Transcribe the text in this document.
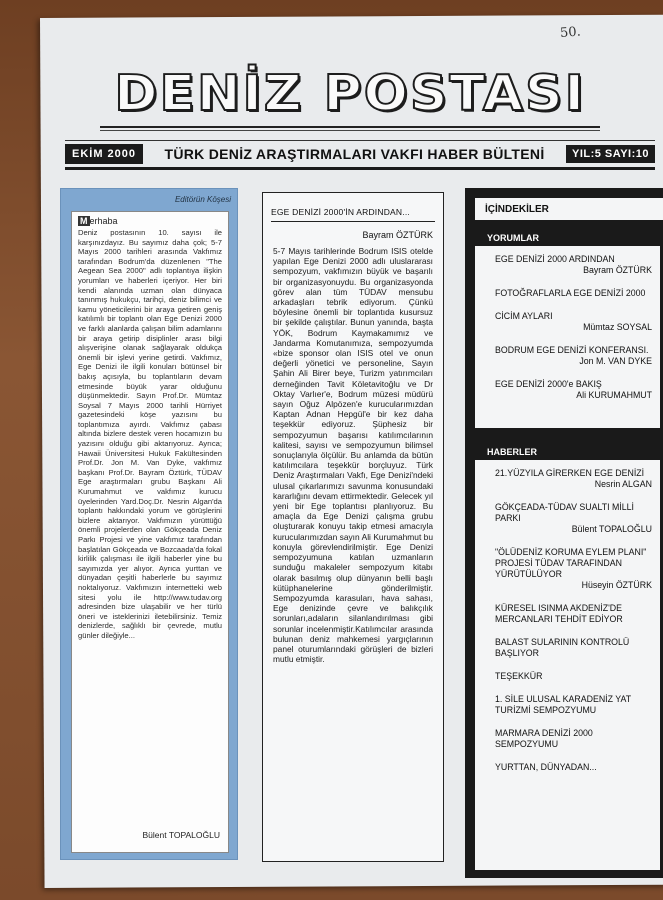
50.
DENİZ POSTASI
EKİM 2000	TÜRK DENİZ ARAŞTIRMALARI VAKFI HABER BÜLTENİ	YIL:5 SAYI:10
Editörün Köşesi
M erhaba
Deniz postasının 10. sayısı ile karşınızdayız. Bu sayımız daha çok; 5-7 Mayıs 2000 tarihleri arasında Vakfımız tarafından Bodrum'da düzenlenen "The Aegean Sea 2000" adlı toplantıya ilişkin yorumları ve haberleri içeriyor. Her biri kendi alanında uzman olan dünyaca tanınmış hukukçu, tarihçi, deniz bilimci ve kamu yöneticilerini bir araya getiren geniş katılımlı bir toplantı olan Ege Denizi 2000 ve farklı alanlarda çalışan bilim adamlarını bir araya getirip disiplinler arası bilgi alışverişine olanak sağlayarak oldukça önemli bir işlevi yerine getirdi. Vakfımız, Ege Denizi ile ilgili konuları bütünsel bir bakış açısıyla, bu toplantıların devam etmesinde büyük yarar olduğunu düşünmektedir. Sayın Prof.Dr. Mümtaz Soysal 7 Mayıs 2000 tarihli Hürriyet gazetesindeki köşe yazısını bu toplantımıza ayırdı. Vakfımız çabası altında bizlere destek veren hocamızın bu yazısını olduğu gibi aktarıyoruz. Ayrıca; Hawaii Üniversitesi Hukuk Fakültesinden Prof.Dr. Jon M. Van Dyke, vakfımız başkanı Prof.Dr. Bayram Öztürk, TÜDAV Ege araştırmaları grubu Başkanı Ali Kurumahmut ve vakfımız kurucu üyelerinden Yard.Doç.Dr. Nesrin Algan'da toplantı hakkındaki yorum ve görüşlerini bizlere aktarıyor. Vakfımızın yürüttüğü önemli projelerden olan Gökçeada Deniz Parkı Projesi ve yine vakfımız tarafından başlatılan Gökçeada ve Bozcaada'da fokal kirlilik çalışması ile ilgili haberler yine bu sayımızda yer alıyor. Ayrıca yurttan ve dünyadan çeşitli haberlerle bu sayımız noktalıyoruz. Vakfımızın internetteki web sitesi yolu ile http://www.tudav.org adresinden bize ulaşabilir ve her türlü öneri ve isteklerinizi iletebilirsiniz. Temiz denizlerde, sağlıklı bir çevrede, mutlu günler dileğiyle...
Bülent TOPALOĞLU
EGE DENİZİ 2000'İN ARDINDAN...
Bayram ÖZTÜRK
5-7 Mayıs tarihlerinde Bodrum ISIS otelde yapılan Ege Denizi 2000 adlı uluslararası sempozyum, vakfımızın büyük ve başarılı bir organizasyonuydu. Bu organizasyonda görev alan tüm TÜDAV mensubu arkadaşları tebrik ediyorum. Çünkü böylesine önemli bir toplantıda kusursuz bir şekilde çalıştılar. Bunun yanında, başta YÖK, Bodrum Kaymakamımız ve Jandarma Komutanımıza, sempozyumda «bize sponsor olan ISIS otel ve onun değerli yönetici ve personeline, Sayın Şahin Ali Birer beye, Turizm yatırımcıları derneğinden Tavit Köletavitoğlu ve Dr Oktay Varlıer'e, Bodrum müzesi müdürü sayın Oğuz Alpözen'e kurucularımızdan Kaptan Adnan Hepgül'e bir kez daha teşekkür ediyoruz. Şüphesiz bir sempozyumun başarısı katılımcılarının kalitesi, sayısı ve sempozyumun bilimsel sonuçlarıyla ölçülür. Bu anlamda da bütün katılımcılara teşekkür borçluyuz. Türk Deniz Araştırmaları Vakfı, Ege Denizi'ndeki ulusal çıkarlarımızı savunma konusundaki kararlığını devam ettirmektedir. Gelecek yıl yeni bir Ege toplantısı planlıyoruz. Bu amaçla da Ege Denizi çalışma grubu oluşturarak konuyu takip etmesi amacıyla kurucularımızdan sayın Ali Kurumahmut bu konuyla görevlendirilmiştir. Ege Denizi sempozyumuna katılan uzmanların sunduğu makaleler sempozyum kitabı olarak basılmış olup dünyanın belli başlı kütüphanelerine gönderilmiştir. Sempozyumda karasuları, hava sahası, Ege denizinde çevre ve balıkçılık sorunları,adaların silanlandırılması gibi sorunlar incelenmiştir.Katılımcılar arasında bulunan deniz mahkemesi yargıçlarının panel oturumlarındaki görüşleri de bizleri mutlu etmiştir.
İÇİNDEKİLER
YORUMLAR
EGE DENİZİ 2000 ARDINDAN
Bayram ÖZTÜRK
FOTOĞRAFLARLA EGE DENİZİ 2000
CİCİM AYLARI
Mümtaz SOYSAL
BODRUM EGE DENİZİ KONFERANSI.
Jon M. VAN DYKE
EGE DENİZİ 2000'e BAKIŞ
Ali KURUMAHMUT
HABERLER
21.YÜZYILA GİRERKEN EGE DENİZİ
Nesrin ALGAN
GÖKÇEADA-TÜDAV SUALTI MİLLİ PARKI
Bülent TOPALOĞLU
"ÖLÜDENİZ KORUMA EYLEM PLANI" PROJESİ TÜDAV TARAFINDAN YÜRÜTÜLÜYOR
Hüseyin ÖZTÜRK
KÜRESEL ISINMA AKDENİZ'DE MERCANLARI TEHDİT EDİYOR
BALAST SULARININ KONTROLÜ BAŞLIYOR
TEŞEKKÜR
1. SİLE ULUSAL KARADENİZ YAT TURİZMİ SEMPOZYUMU
MARMARA DENİZİ 2000 SEMPOZYUMU
YURTTAN, DÜNYADAN...
